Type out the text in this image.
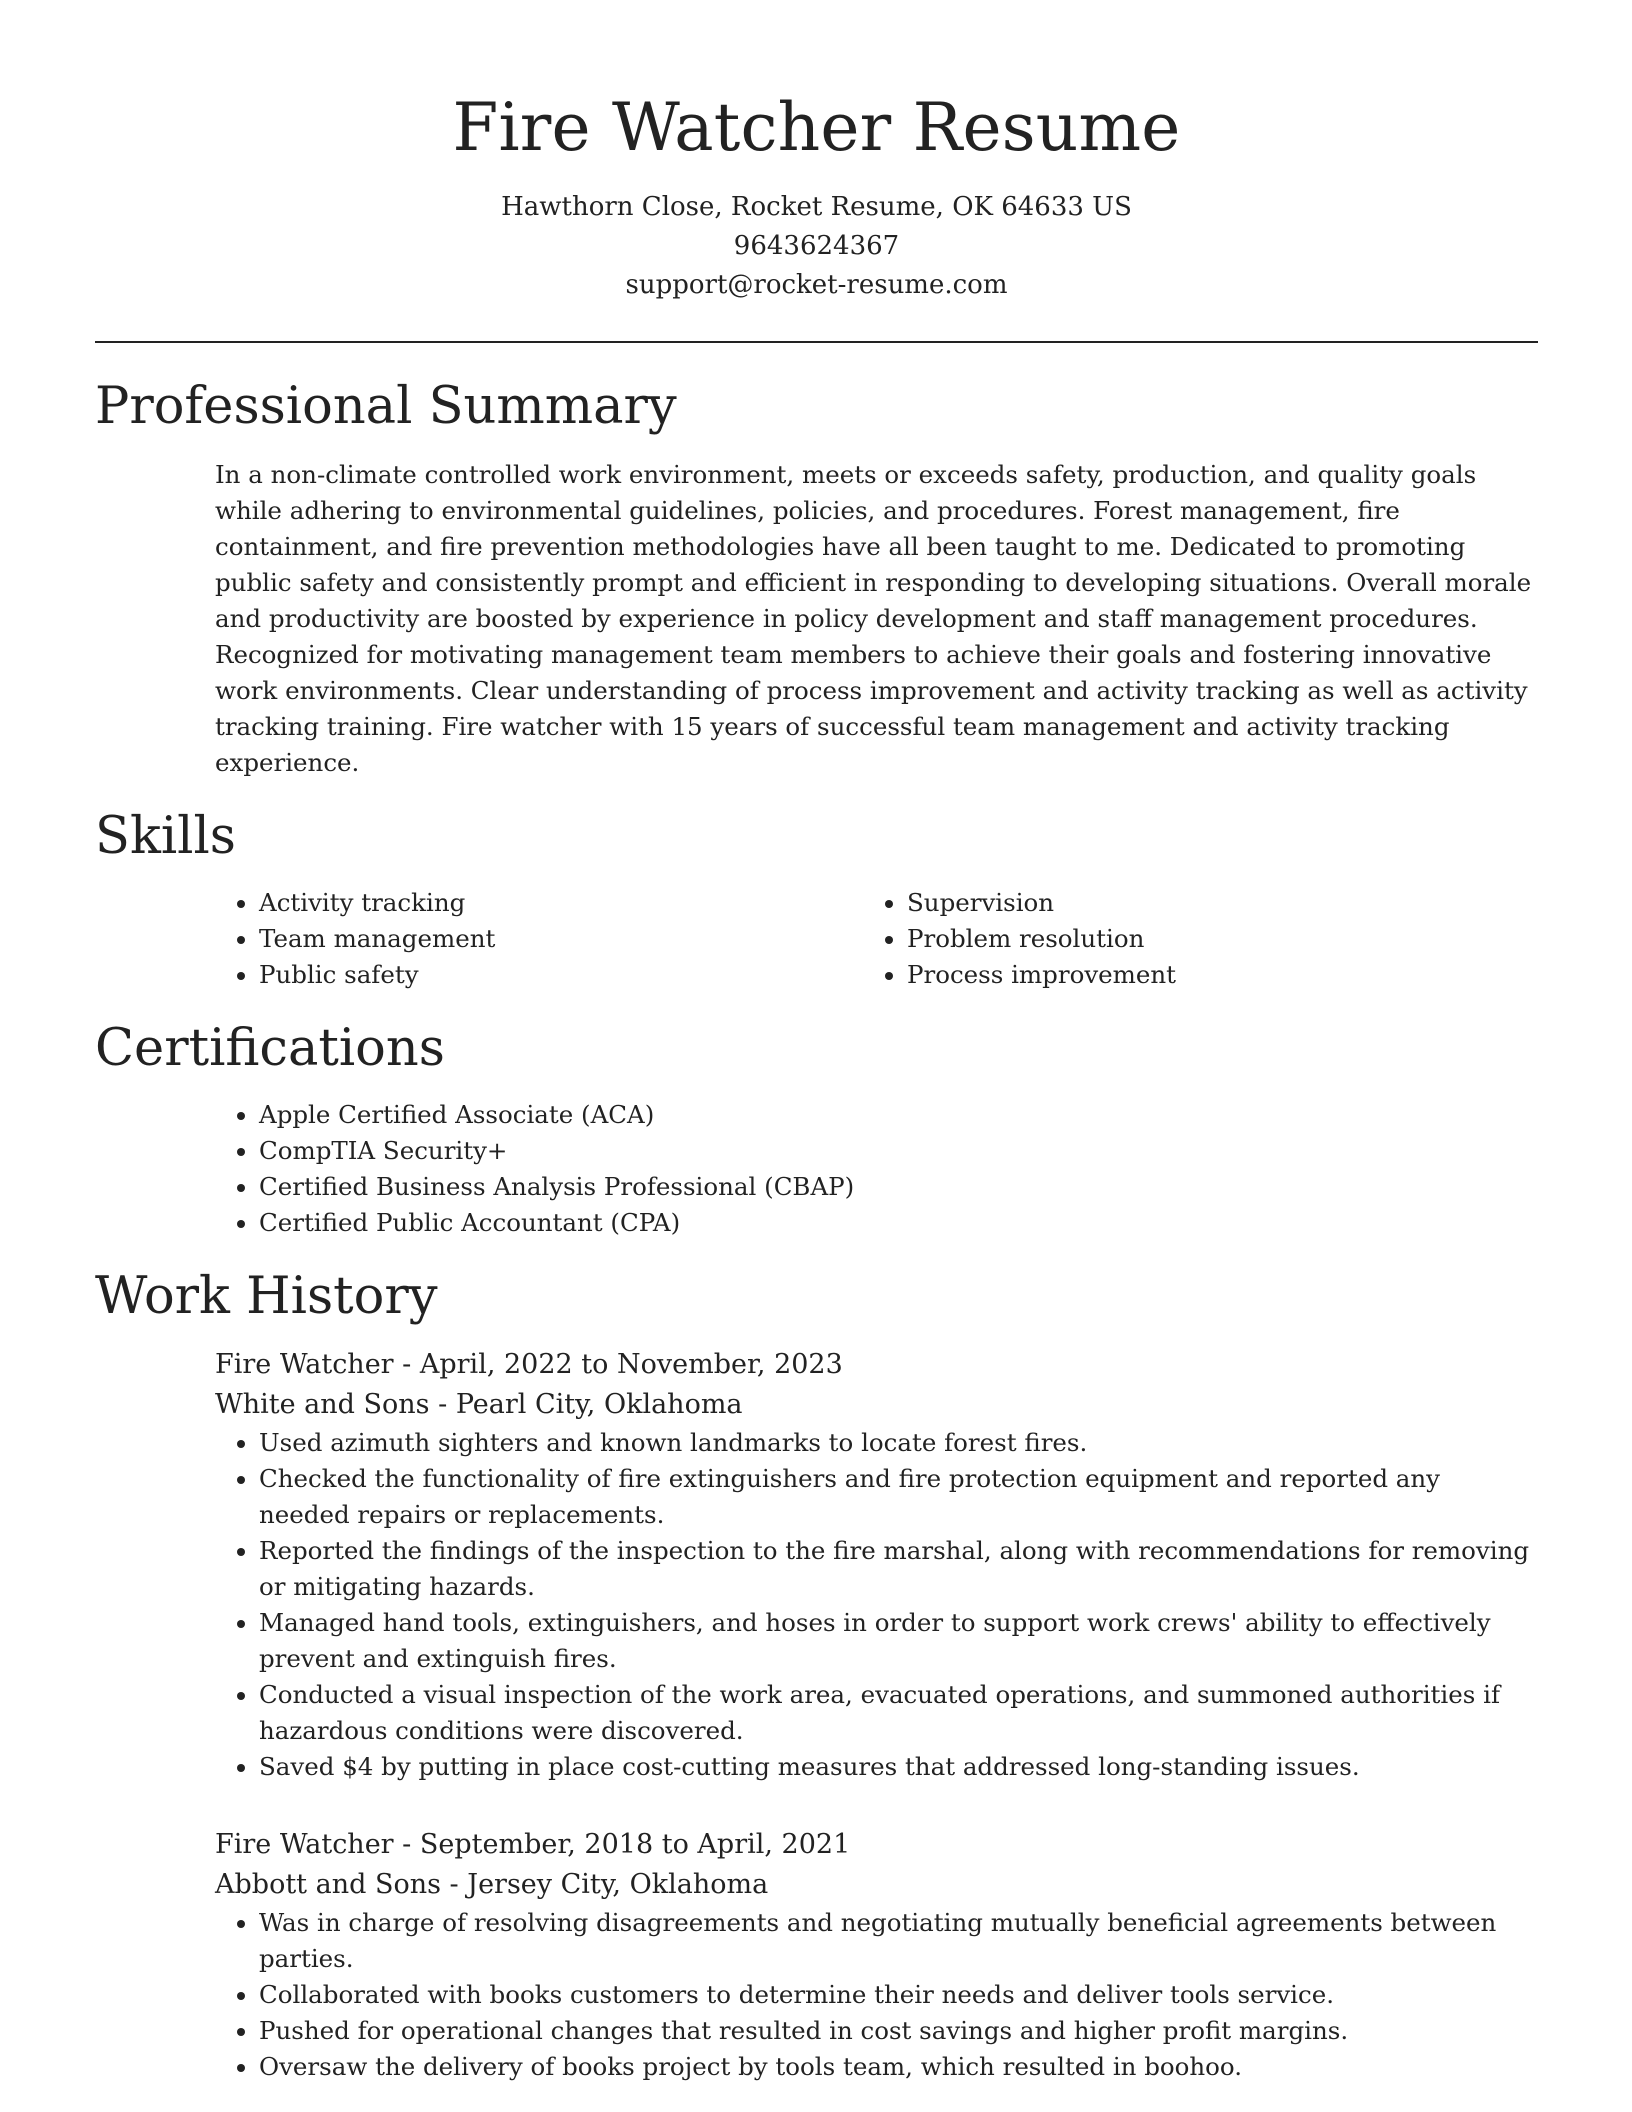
Fire Watcher Resume

Hawthorn Close, Rocket Resume, OK 64633 US

9643624367

support@rocket-resume.com

Professional Summary

In a non-climate controlled work environment, meets or exceeds safety, production, and quality goals while adhering to environmental guidelines, policies, and procedures. Forest management, fire containment, and fire prevention methodologies have all been taught to me. Dedicated to promoting public safety and consistently prompt and efficient in responding to developing situations. Overall morale and productivity are boosted by experience in policy development and staff management procedures. Recognized for motivating management team members to achieve their goals and fostering innovative work environments. Clear understanding of process improvement and activity tracking as well as activity tracking training. Fire watcher with 15 years of successful team management and activity tracking experience.

Skills
• Activity tracking
• Team management
• Public safety
• Supervision
• Problem resolution
• Process improvement
Certifications
• Apple Certified Associate (ACA)
• CompTIA Security+
• Certified Business Analysis Professional (CBAP)
• Certified Public Accountant (CPA)
Work History

Fire Watcher - April, 2022 to November, 2023

White and Sons - Pearl City, Oklahoma

• Used azimuth sighters and known landmarks to locate forest fires.
• Checked the functionality of fire extinguishers and fire protection equipment and reported any needed repairs or replacements.
• Reported the findings of the inspection to the fire marshal, along with recommendations for removing or mitigating hazards.
• Managed hand tools, extinguishers, and hoses in order to support work crews' ability to effectively prevent and extinguish fires.
• Conducted a visual inspection of the work area, evacuated operations, and summoned authorities if hazardous conditions were discovered.
• Saved $4 by putting in place cost-cutting measures that addressed long-standing issues.

Fire Watcher - September, 2018 to April, 2021

Abbott and Sons - Jersey City, Oklahoma

• Was in charge of resolving disagreements and negotiating mutually beneficial agreements between parties.
• Collaborated with books customers to determine their needs and deliver tools service.
• Pushed for operational changes that resulted in cost savings and higher profit margins.
• Oversaw the delivery of books project by tools team, which resulted in boohoo.
